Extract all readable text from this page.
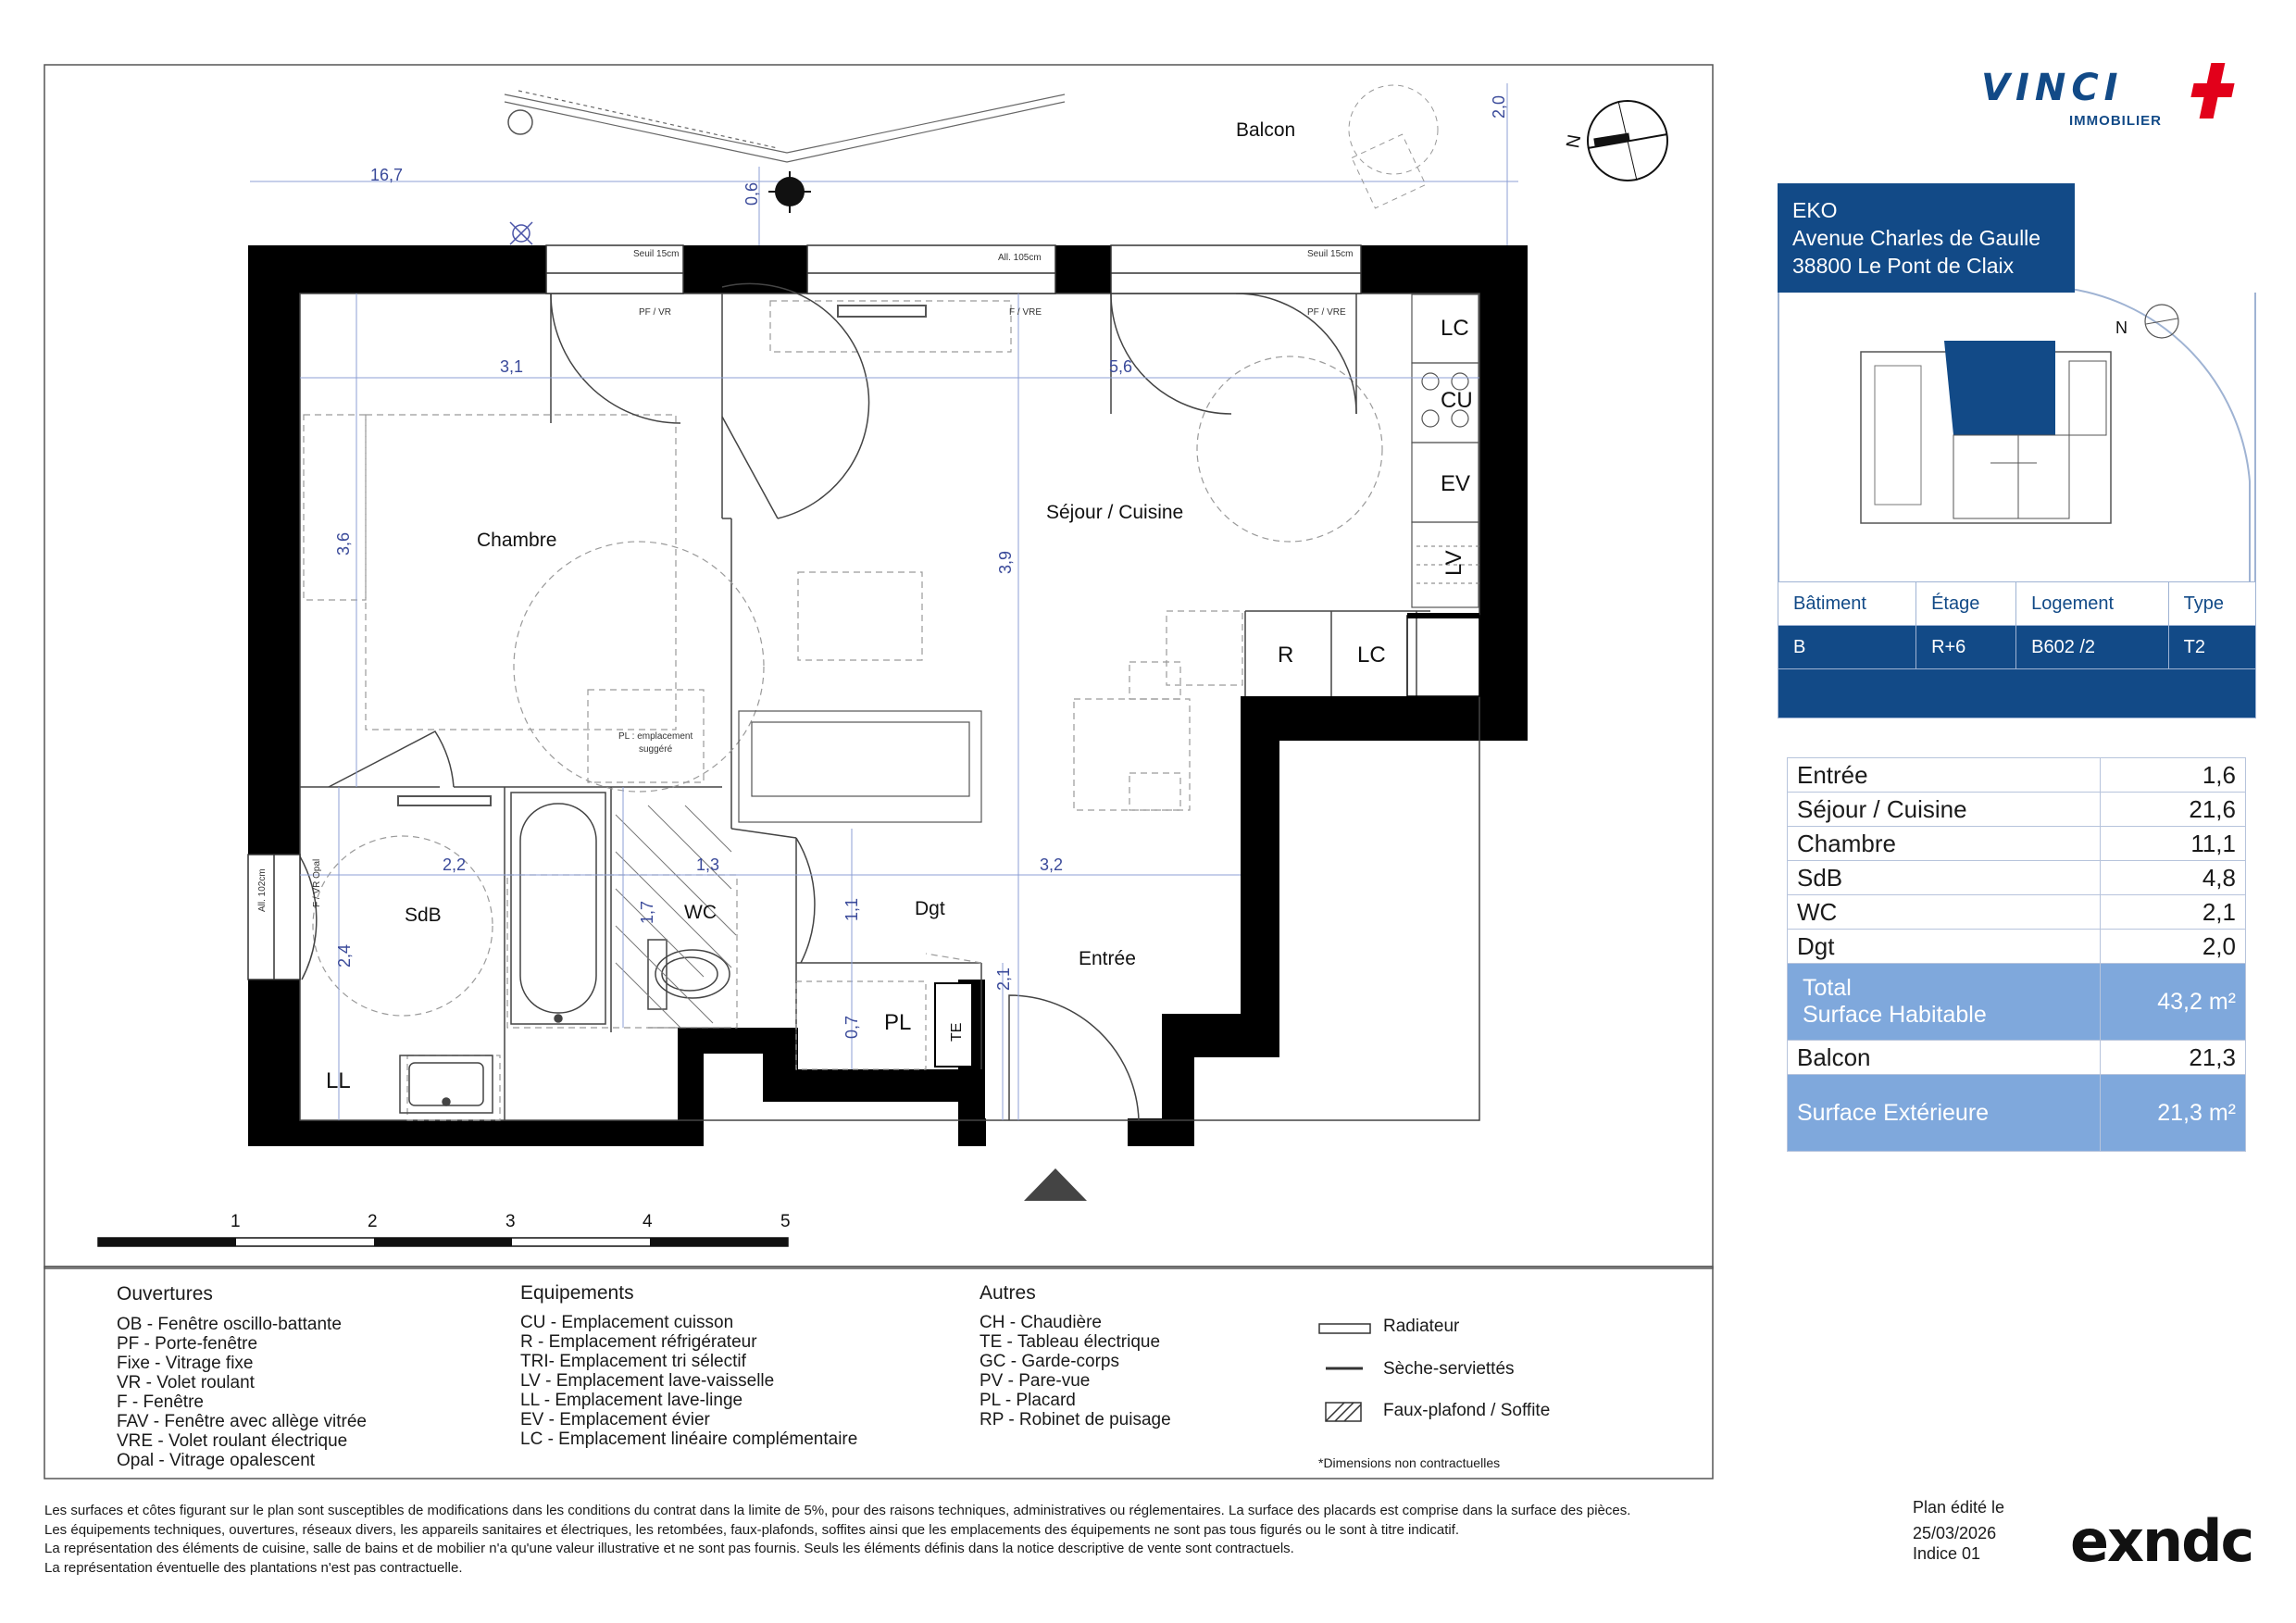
N
16,7
2,0
0,6
3,1	5,6
3,6
3,9
2,2	1,3	3,2
1,7	1,1
2,4
0,7
2,1
Seuil 15cm	All. 105cm	Seuil 15cm
PF / VR	F / VRE	PF / VRE
PL : emplacement
suggéré
All. 102cm	F / VR Opal
Balcon
Chambre
Séjour / Cuisine
SdB	WC	Dgt
Entrée
LC
CU
EV
LV
R	LC
PL	TE
LL
1	2	3	4	5
N
VINCI
IMMOBILIER
EKO
Avenue Charles de Gaulle
38800 Le Pont de Claix
Bâtiment	Étage	Logement	Type
B	R+6	B602 /2	T2

Entrée	1,6
Séjour / Cuisine	21,6
Chambre	11,1
SdB	4,8
WC	2,1
Dgt	2,0

Total
Surface Habitable	43,2 m²
Balcon	21,3
Surface Extérieure	21,3 m²
Ouvertures
OB - Fenêtre oscillo-battante
PF - Porte-fenêtre
Fixe - Vitrage fixe
VR - Volet roulant
F - Fenêtre
FAV - Fenêtre avec allège vitrée
VRE - Volet roulant électrique
Opal - Vitrage opalescent
Equipements
CU - Emplacement cuisson
R - Emplacement réfrigérateur
TRI- Emplacement tri sélectif
LV - Emplacement lave-vaisselle
LL - Emplacement lave-linge
EV - Emplacement évier
LC - Emplacement linéaire complémentaire
Autres
CH - Chaudière
TE - Tableau électrique
GC - Garde-corps
PV - Pare-vue
PL - Placard
RP - Robinet de puisage
Radiateur
Sèche-serviettés
Faux-plafond / Soffite
*Dimensions non contractuelles
Les surfaces et côtes figurant sur le plan sont susceptibles de modifications dans les conditions du contrat dans la limite de 5%, pour des raisons techniques, administratives ou réglementaires. La surface des placards est comprise dans la surface des pièces.
Les équipements techniques, ouvertures, réseaux divers, les appareils sanitaires et électriques, les retombées, faux-plafonds, soffites ainsi que les emplacements des équipements ne sont pas tous figurés ou le sont à titre indicatif.
La représentation des éléments de cuisine, salle de bains et de mobilier n'a qu'une valeur illustrative et ne sont pas fournis. Seuls les éléments définis dans la notice descriptive de vente sont contractuels.
La représentation éventuelle des plantations n'est pas contractuelle.
Plan édité le
25/03/2026
Indice 01	exndc
